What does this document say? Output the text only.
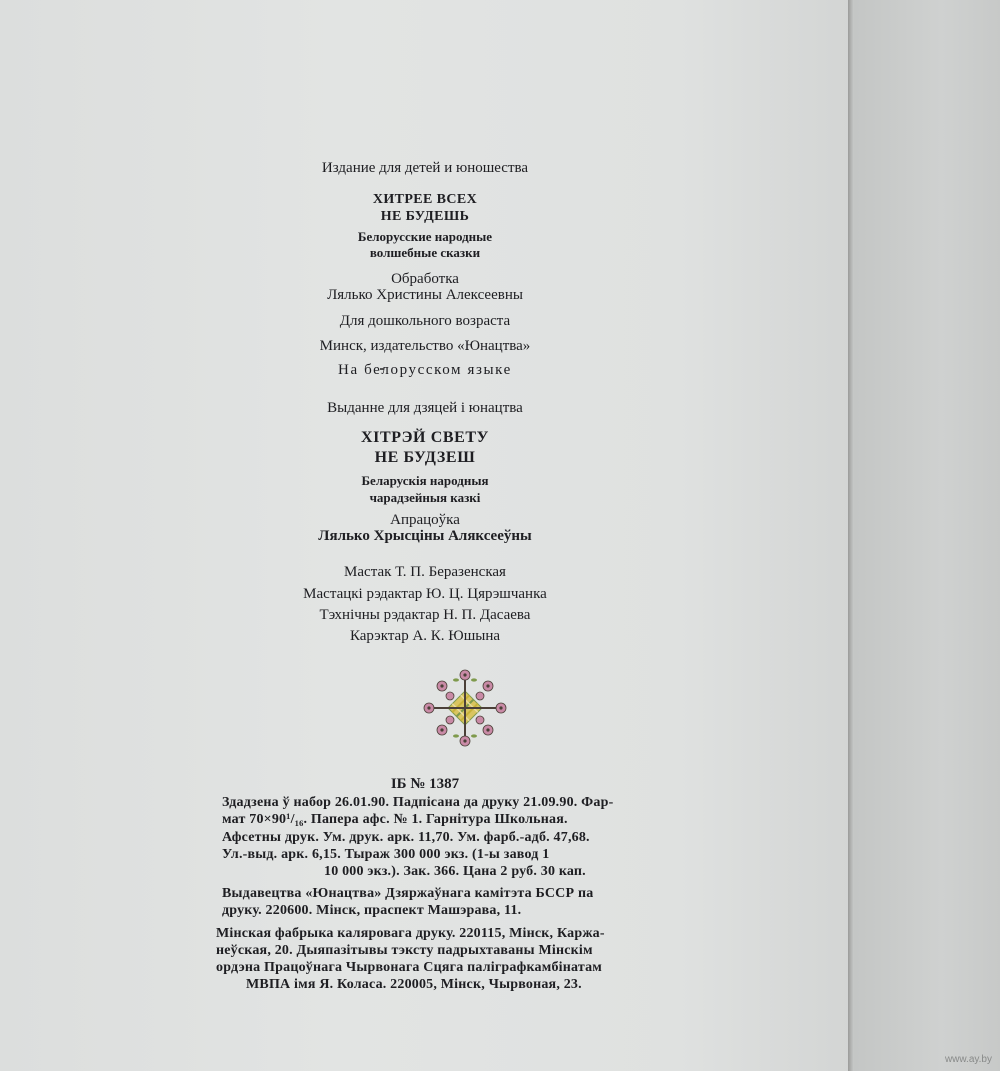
Издание для детей и юношества
ХИТРЕЕ ВСЕХ
НЕ БУДЕШЬ
Белорусские народные
волшебные сказки
Обработка
Лялько Христины Алексеевны
Для дошкольного возраста
Минск, издательство «Юнацтва»
На белорусском языке
Выданне для дзяцей і юнацтва
ХІТРЭЙ СВЕТУ
НЕ БУДЗЕШ
Беларускія народныя
чарадзейныя казкі
Апрацоўка
Лялько Хрысціны Аляксееўны
Мастак Т. П. Беразенская
Мастацкі рэдактар Ю. Ц. Цярэшчанка
Тэхнічны рэдактар Н. П. Дасаева
Карэктар А. К. Юшына
ІБ № 1387
Здадзена ў набор 26.01.90. Падпісана да друку 21.09.90. Фар-
мат 70×90¹/₁₆. Папера афс. № 1. Гарнітура Школьная.
Афсетны друк. Ум. друк. арк. 11,70. Ум. фарб.-адб. 47,68.
Ул.-выд. арк. 6,15. Тыраж 300 000 экз. (1-ы завод 1
10 000 экз.). Зак. 366. Цана 2 руб. 30 кап.
Выдавецтва «Юнацтва» Дзяржаўнага камітэта БССР па
друку. 220600. Мінск, праспект Машэрава, 11.
Мінская фабрыка каляровага друку. 220115, Мінск, Каржа-
неўская, 20. Дыяпазітывы тэксту падрыхтаваны Мінскім
ордэна Працоўнага Чырвонага Сцяга паліграфкамбінатам
МВПА імя Я. Коласа. 220005, Мінск, Чырвоная, 23.
www.ay.by
